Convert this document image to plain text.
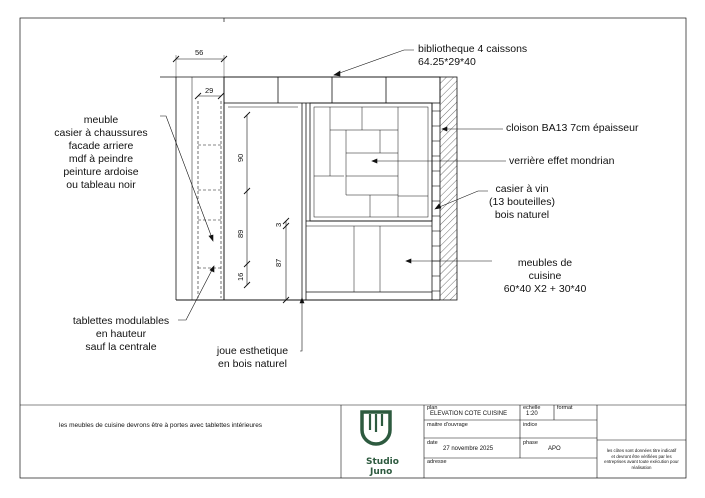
56
29
90
89
16
3
87
Studio
Juno
bibliotheque 4 caissons
64.25*29*40
cloison BA13 7cm épaisseur
verrière effet mondrian
casier à vin
(13 bouteilles)
bois naturel
meubles de
cuisine
60*40 X2 + 30*40
meuble
casier à chaussures
facade arriere
mdf à peindre
peinture ardoise
ou tableau noir
tablettes modulables
en hauteur
sauf la centrale	joue esthetique
en bois naturel
les meubles de cuisine devrons être à portes avec tablettes intérieures
plan
ELEVATION COTE CUISINE
echelle
1:20
format
maitre d'ouvrage	indice
date
27 novembre 2025
phase
APO
adresse
les côtes sont données titre indicatif
et devront être vérifiées par les
entreprises avant toute exécution pour
réalisation
